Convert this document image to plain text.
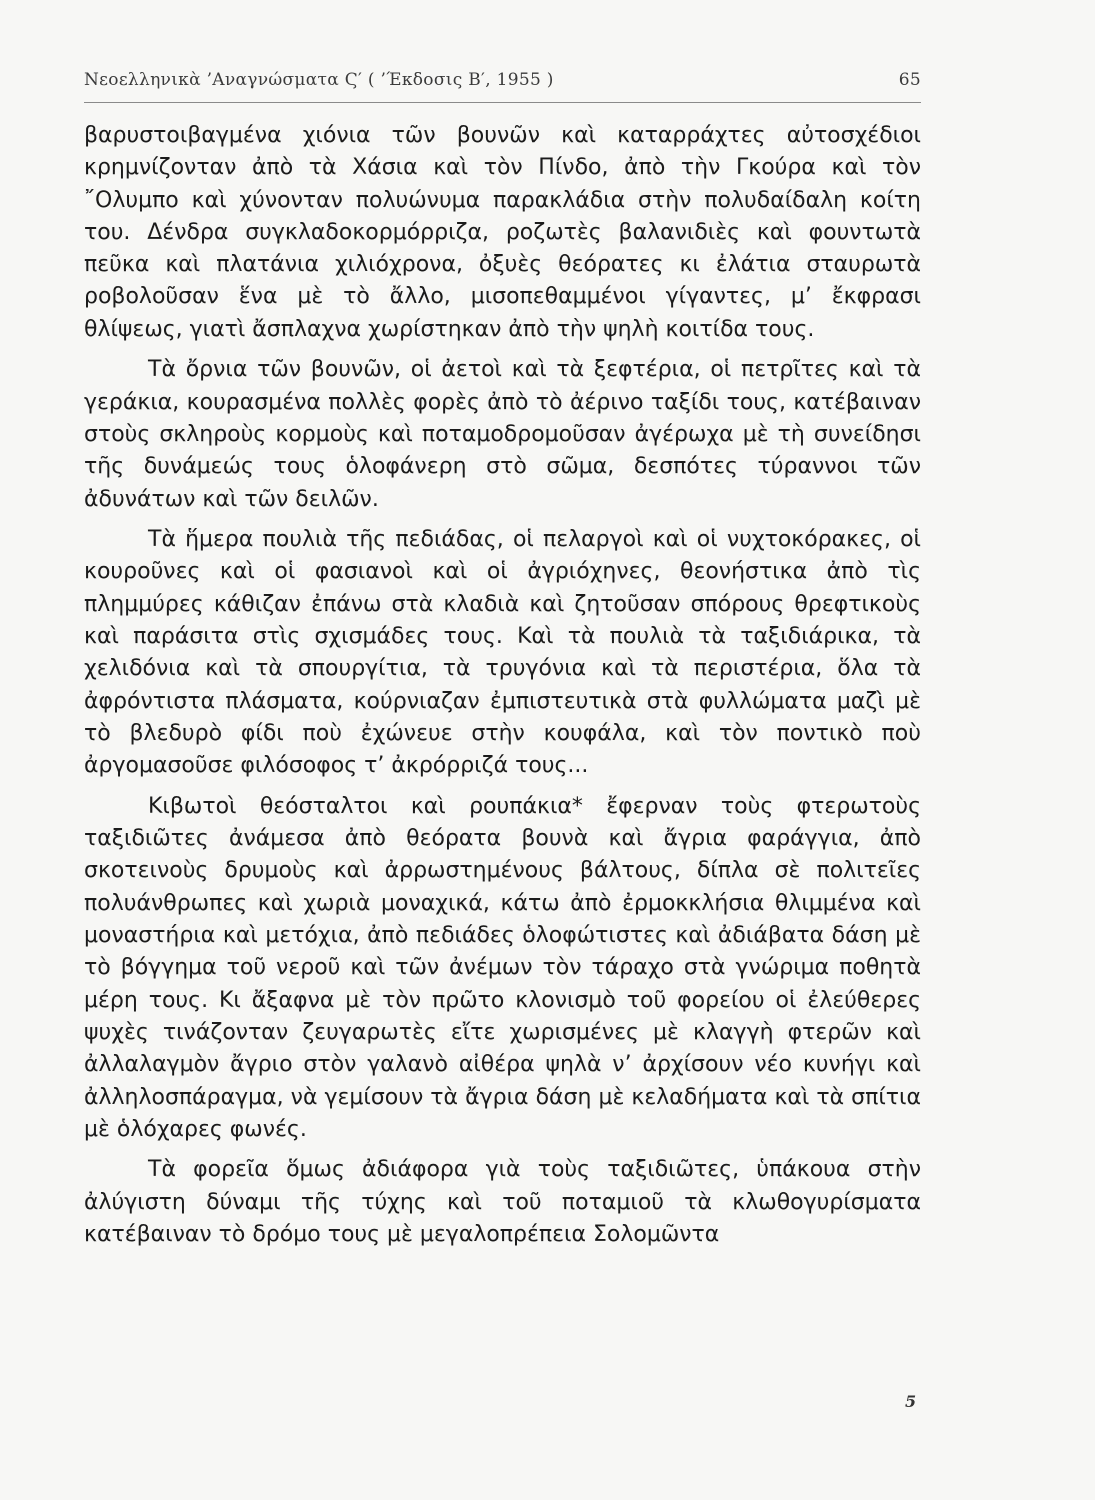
Νεοελληνικὰ ’Αναγνώσματα Ϛ′ ( ’Έκδοσις Β′, 1955 )	65

βαρυστοιβαγμένα χιόνια τῶν βουνῶν καὶ καταρράχτες αὐτοσχέδιοι κρημνίζονταν ἀπὸ τὰ Χάσια καὶ τὸν Πίνδο, ἀπὸ τὴν Γκούρα καὶ τὸν ῎Ολυμπο καὶ χύνονταν πολυώνυμα παρακλάδια στὴν πολυδαίδαλη κοίτη του. Δένδρα συγκλαδοκορμόρριζα, ροζωτὲς βαλανιδιὲς καὶ φουντωτὰ πεῦκα καὶ πλατάνια χιλιόχρονα, ὀξυὲς θεόρατες κι ἐλάτια σταυρωτὰ ροβολοῦσαν ἕνα μὲ τὸ ἄλλο, μισοπεθαμμένοι γίγαντες, μ’ ἔκφρασι θλίψεως, γιατὶ ἄσπλαχνα χωρίστηκαν ἀπὸ τὴν ψηλὴ κοιτίδα τους.

Τὰ ὄρνια τῶν βουνῶν, οἱ ἀετοὶ καὶ τὰ ξεφτέρια, οἱ πετρῖτες καὶ τὰ γεράκια, κουρασμένα πολλὲς φορὲς ἀπὸ τὸ ἀέρινο ταξίδι τους, κατέβαιναν στοὺς σκληροὺς κορμοὺς καὶ ποταμοδρομοῦσαν ἀγέρωχα μὲ τὴ συνείδησι τῆς δυνάμεώς τους ὁλοφάνερη στὸ σῶμα, δεσπότες τύραννοι τῶν ἀδυνάτων καὶ τῶν δειλῶν.

Τὰ ἥμερα πουλιὰ τῆς πεδιάδας, οἱ πελαργοὶ καὶ οἱ νυχτοκόρακες, οἱ κουροῦνες καὶ οἱ φασιανοὶ καὶ οἱ ἀγριόχηνες, θεονήστικα ἀπὸ τὶς πλημμύρες κάθιζαν ἐπάνω στὰ κλαδιὰ καὶ ζητοῦσαν σπόρους θρεφτικοὺς καὶ παράσιτα στὶς σχισμάδες τους. Καὶ τὰ πουλιὰ τὰ ταξιδιάρικα, τὰ χελιδόνια καὶ τὰ σπουργίτια, τὰ τρυγόνια καὶ τὰ περιστέρια, ὅλα τὰ ἀφρόντιστα πλάσματα, κούρνιαζαν ἐμπιστευτικὰ στὰ φυλλώματα μαζὶ μὲ τὸ βλεδυρὸ φίδι ποὺ ἐχώνευε στὴν κουφάλα, καὶ τὸν ποντικὸ ποὺ ἀργομασοῦσε φιλόσοφος τ’ ἀκρόρριζά τους...

Κιβωτοὶ θεόσταλτοι καὶ ρουπάκια* ἔφερναν τοὺς φτερωτοὺς ταξιδιῶτες ἀνάμεσα ἀπὸ θεόρατα βουνὰ καὶ ἄγρια φαράγγια, ἀπὸ σκοτεινοὺς δρυμοὺς καὶ ἀρρωστημένους βάλτους, δίπλα σὲ πολιτεῖες πολυάνθρωπες καὶ χωριὰ μοναχικά, κάτω ἀπὸ ἐρμοκκλήσια θλιμμένα καὶ μοναστήρια καὶ μετόχια, ἀπὸ πεδιάδες ὁλοφώτιστες καὶ ἀδιάβατα δάση μὲ τὸ βόγγημα τοῦ νεροῦ καὶ τῶν ἀνέμων τὸν τάραχο στὰ γνώριμα ποθητὰ μέρη τους. Κι ἄξαφνα μὲ τὸν πρῶτο κλονισμὸ τοῦ φορείου οἱ ἐλεύθερες ψυχὲς τινάζονταν ζευγαρωτὲς εἴτε χωρισμένες μὲ κλαγγὴ φτερῶν καὶ ἀλλαλαγμὸν ἄγριο στὸν γαλανὸ αἰθέρα ψηλὰ ν’ ἀρχίσουν νέο κυνήγι καὶ ἀλληλοσπάραγμα, νὰ γεμίσουν τὰ ἄγρια δάση μὲ κελαδήματα καὶ τὰ σπίτια μὲ ὁλόχαρες φωνές.

Τὰ φορεῖα ὅμως ἀδιάφορα γιὰ τοὺς ταξιδιῶτες, ὑπάκουα στὴν ἀλύγιστη δύναμι τῆς τύχης καὶ τοῦ ποταμιοῦ τὰ κλωθογυρίσματα κατέβαιναν τὸ δρόμο τους μὲ μεγαλοπρέπεια Σολομῶντα

5
